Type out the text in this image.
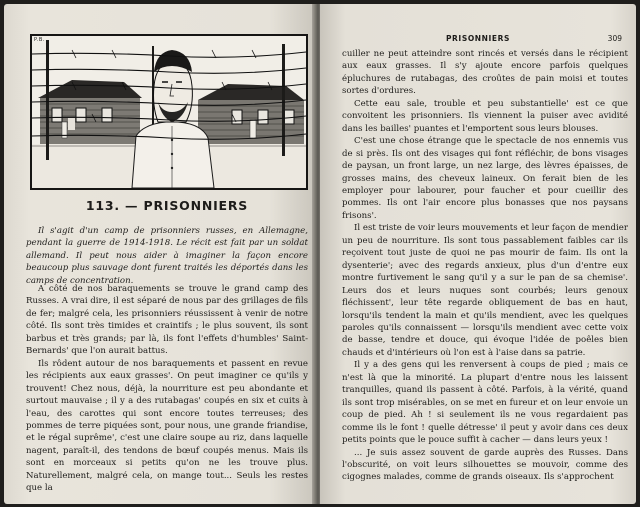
P.B.
113. — PRISONNIERS

Il s'agit d'un camp de prisonniers russes, en Allemagne, pendant la guerre de 1914-1918. Le récit est fait par un soldat allemand. Il peut nous aider à imaginer la façon encore beaucoup plus sauvage dont furent traités les déportés dans les camps de concentration.

A côté de nos baraquements se trouve le grand camp des Russes. A vrai dire, il est séparé de nous par des grillages de fils de fer; malgré cela, les prisonniers réussissent à venir de notre côté. Ils sont très timides et craintifs ; le plus souvent, ils sont barbus et très grands; par là, ils font l'effets d'humbles' Saint-Bernards' que l'on aurait battus.

Ils rôdent autour de nos baraquements et passent en revue les récipients aux eaux grasses'. On peut imaginer ce qu'ils y trouvent! Chez nous, déjà, la nourriture est peu abondante et surtout mauvaise ; il y a des rutabagas' coupés en six et cuits à l'eau, des carottes qui sont encore toutes terreuses; des pommes de terre piquées sont, pour nous, une grande friandise, et le régal suprême', c'est une claire soupe au riz, dans laquelle nagent, paraît-il, des tendons de bœuf coupés menus. Mais ils sont en morceaux si petits qu'on ne les trouve plus. Naturellement, malgré cela, on mange tout... Seuls les restes que la

PRISONNIERS	309

cuiller ne peut atteindre sont rincés et versés dans le récipient aux eaux grasses. Il s'y ajoute encore parfois quelques épluchures de rutabagas, des croûtes de pain moisi et toutes sortes d'ordures.

Cette eau sale, trouble et peu substantielle' est ce que convoitent les prisonniers. Ils viennent la puiser avec avidité dans les bailles' puantes et l'emportent sous leurs blouses.

C'est une chose étrange que le spectacle de nos ennemis vus de si près. Ils ont des visages qui font réfléchir, de bons visages de paysan, un front large, un nez large, des lèvres épaisses, de grosses mains, des cheveux laineux. On ferait bien de les employer pour labourer, pour faucher et pour cueillir des pommes. Ils ont l'air encore plus bonasses que nos paysans frisons'.

Il est triste de voir leurs mouvements et leur façon de mendier un peu de nourriture. Ils sont tous passablement faibles car ils reçoivent tout juste de quoi ne pas mourir de faim. Ils ont la dysenterie'; avec des regards anxieux, plus d'un d'entre eux montre furtivement le sang qu'il y a sur le pan de sa chemise'. Leurs dos et leurs nuques sont courbés; leurs genoux fléchissent', leur tête regarde obliquement de bas en haut, lorsqu'ils tendent la main et qu'ils mendient, avec les quelques paroles qu'ils connaissent — lorsqu'ils mendient avec cette voix de basse, tendre et douce, qui évoque l'idée de poêles bien chauds et d'intérieurs où l'on est à l'aise dans sa patrie.

Il y a des gens qui les renversent à coups de pied ; mais ce n'est là que la minorité. La plupart d'entre nous les laissent tranquilles, quand ils passent à côté. Parfois, à la vérité, quand ils sont trop misérables, on se met en fureur et on leur envoie un coup de pied. Ah ! si seulement ils ne vous regardaient pas comme ils le font ! quelle détresse' il peut y avoir dans ces deux petits points que le pouce suffit à cacher — dans leurs yeux !

... Je suis assez souvent de garde auprès des Russes. Dans l'obscurité, on voit leurs silhouettes se mouvoir, comme des cigognes malades, comme de grands oiseaux. Ils s'approchent
